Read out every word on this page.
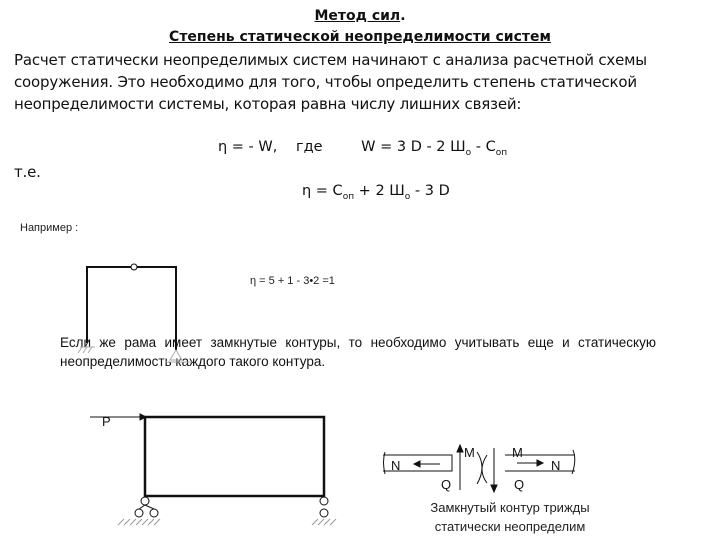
Метод сил.
Степень статической неопределимости систем
Расчет статически неопределимых систем начинают с анализа расчетной схемы
сооружения. Это необходимо для того, чтобы определить степень статической
неопределимости системы, которая равна числу лишних связей:
η = - W, где	W = 3 D - 2 $Ш_о - C_{оп}$
т.е.
$\eta = C_{оп} + 2$ $Ш_о - 3$ D
Например :
η = 5 + 1 - 3•2 =1
Если же рама имеет замкнутые контуры, то необходимо учитывать еще и статическую неопределимость каждого такого контура.
P
N
M
Q
M
N
Q
Замкнутый контур трижды
статически неопределим
